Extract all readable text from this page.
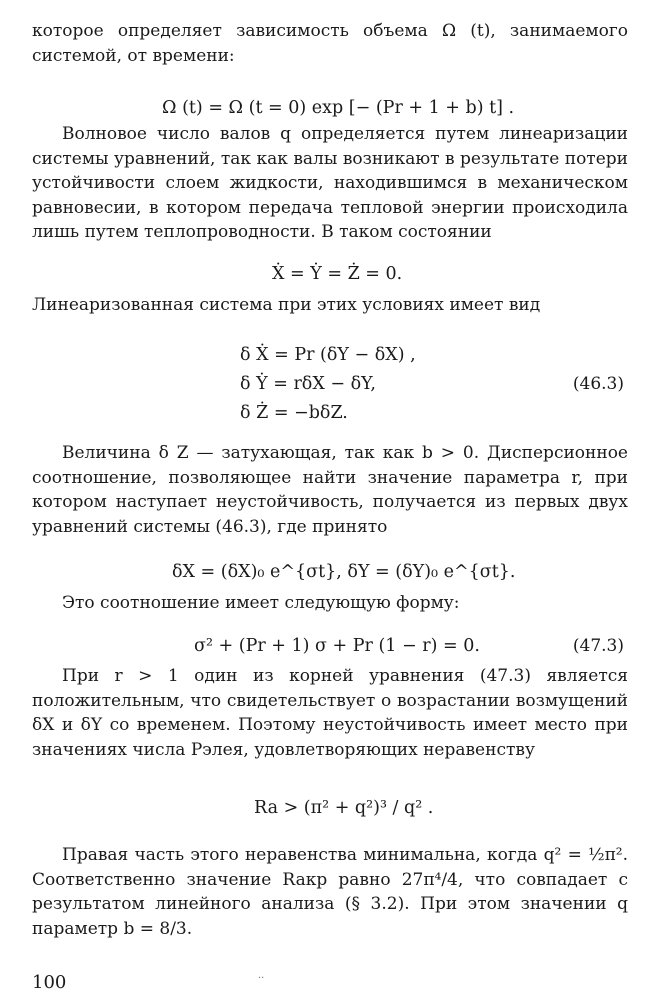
которое определяет зависимость объема Ω (t), занимаемого системой, от времени:

Ω (t) = Ω (t = 0) exp [− (Pr + 1 + b) t] .

Волновое число валов q определяется путем линеаризации системы уравнений, так как валы возникают в результате потери устойчивости слоем жидкости, находившимся в механическом равновесии, в котором передача тепловой энергии происходила лишь путем теплопроводности. В таком состоянии

Ẋ = Ẏ = Ż = 0.

Линеаризованная система при этих условиях имеет вид

δ Ẋ = Pr (δY − δX) ,
δ Ẏ = rδX − δY,
δ Ż = −bδZ.
(46.3)

Величина δ Z — затухающая, так как b > 0. Дисперсионное соотношение, позволяющее найти значение параметра r, при котором наступает неустойчивость, получается из первых двух уравнений системы (46.3), где принято

δX = (δX)₀ e^{σt}, δY = (δY)₀ e^{σt}.

Это соотношение имеет следующую форму:

σ² + (Pr + 1) σ + Pr (1 − r) = 0.	(47.3)

При r > 1 один из корней уравнения (47.3) является положительным, что свидетельствует о возрастании возмущений δX и δY со временем. Поэтому неустойчивость имеет место при значениях числа Рэлея, удовлетворяющих неравенству

Ra > (π² + q²)³ / q² .

Правая часть этого неравенства минимальна, когда q² = ½π². Соответственно значение Raкр равно 27π⁴/4, что совпадает с результатом линейного анализа (§ 3.2). При этом значении q параметр b = 8/3.

··
100
